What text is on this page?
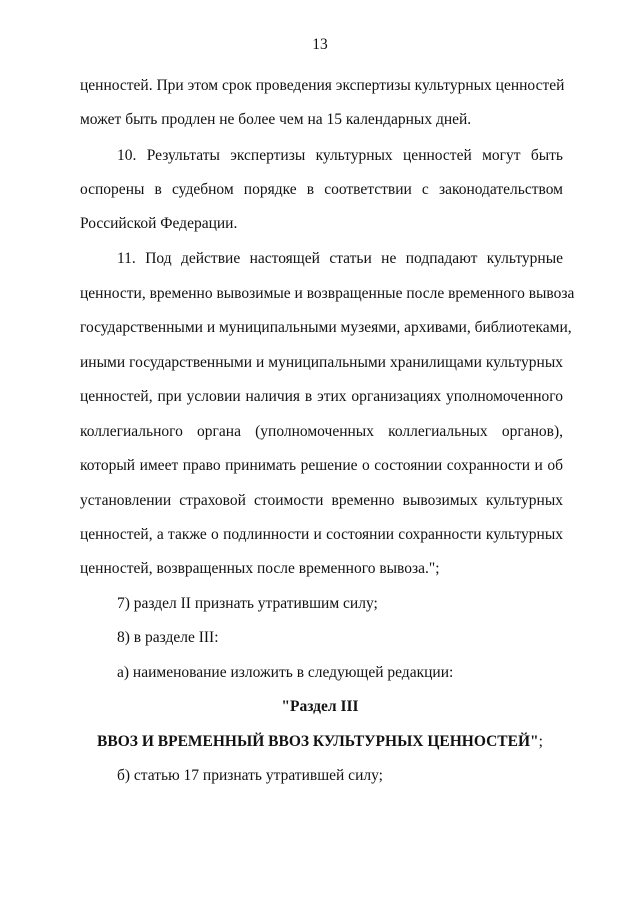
13
ценностей. При этом срок проведения экспертизы культурных ценностей
может быть продлен не более чем на 15 календарных дней.
10. Результаты экспертизы культурных ценностей могут быть
оспорены в судебном порядке в соответствии с законодательством
Российской Федерации.
11. Под действие настоящей статьи не подпадают культурные
ценности, временно вывозимые и возвращенные после временного вывоза
государственными и муниципальными музеями, архивами, библиотеками,
иными государственными и муниципальными хранилищами культурных
ценностей, при условии наличия в этих организациях уполномоченного
коллегиального органа (уполномоченных коллегиальных органов),
который имеет право принимать решение о состоянии сохранности и об
установлении страховой стоимости временно вывозимых культурных
ценностей, а также о подлинности и состоянии сохранности культурных
ценностей, возвращенных после временного вывоза.";
7) раздел II признать утратившим силу;
8) в разделе III:
а) наименование изложить в следующей редакции:
"Раздел III
ВВОЗ И ВРЕМЕННЫЙ ВВОЗ КУЛЬТУРНЫХ ЦЕННОСТЕЙ";
б) статью 17 признать утратившей силу;
